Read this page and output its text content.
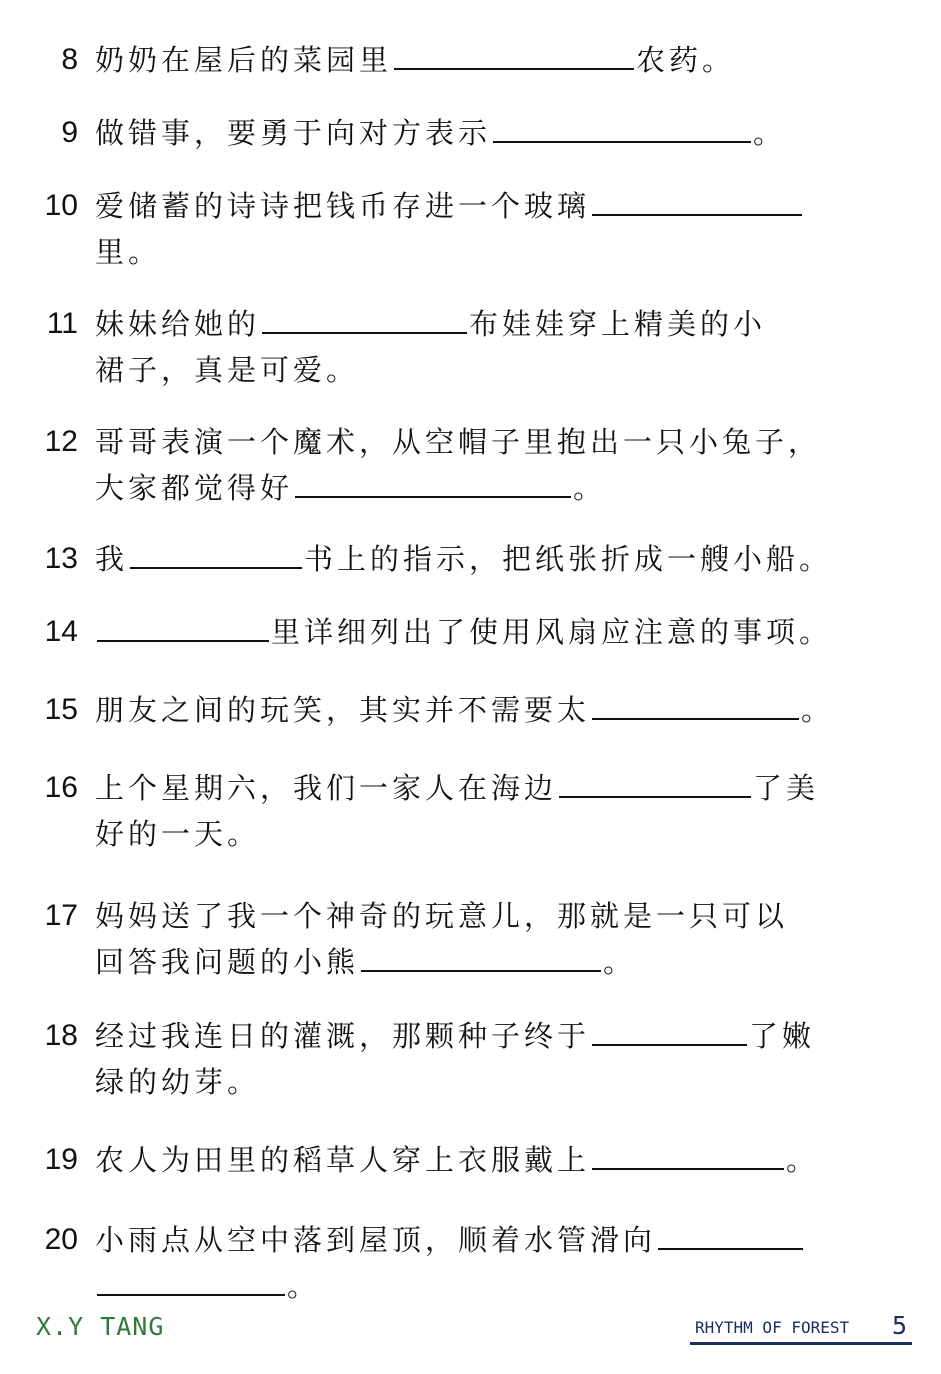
8 奶奶在屋后的菜园里	农药。
9 做错事，要勇于向对方表示	。
10 爱储蓄的诗诗把钱币存进一个玻璃
里。
11 妹妹给她的	布娃娃穿上精美的小
裙子，真是可爱。
12 哥哥表演一个魔术，从空帽子里抱出一只小兔子，
大家都觉得好	。
13 我	书上的指示，把纸张折成一艘小船。
14	里详细列出了使用风扇应注意的事项。
15 朋友之间的玩笑，其实并不需要太	。
16 上个星期六，我们一家人在海边	了美
好的一天。
17 妈妈送了我一个神奇的玩意儿，那就是一只可以
回答我问题的小熊	。
18 经过我连日的灌溉，那颗种子终于	了嫩
绿的幼芽。
19 农人为田里的稻草人穿上衣服戴上	。
20 小雨点从空中落到屋顶，顺着水管滑向
。
X.Y TANG	RHYTHM OF FOREST 5
